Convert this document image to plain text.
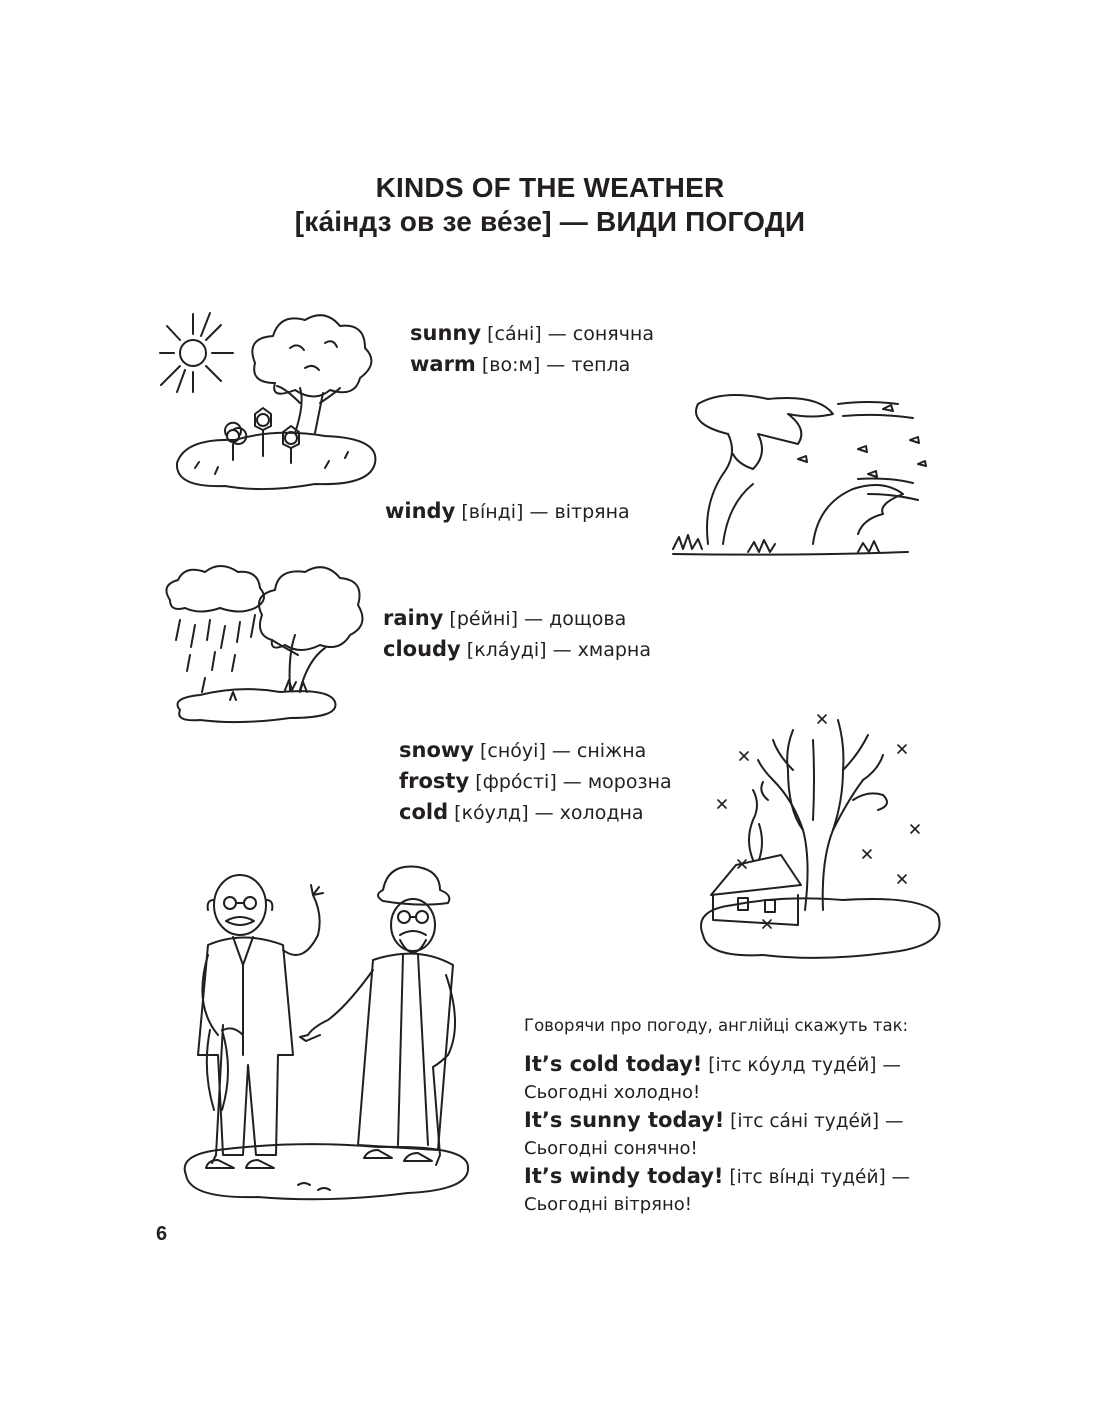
KINDS OF THE WEATHER
[ка́індз ов зе ве́зе] — ВИДИ ПОГОДИ
sunny [са́ні] — сонячна
warm [во:м] — тепла
windy [ві́нді] — вітряна
rainy [ре́йні] — дощова
cloudy [кла́уді] — хмарна
snowy [сно́уі] — сніжна
frosty [фро́сті] — морозна
cold [ко́улд] — холодна
Говорячи про погоду, англійці скажуть так:
It’s cold today! [ітс ко́улд туде́й] —
Сьогодні холодно!
It’s sunny today! [ітс са́ні туде́й] —
Сьогодні сонячно!
It’s windy today! [ітс ві́нді туде́й] —
Сьогодні вітряно!
6
